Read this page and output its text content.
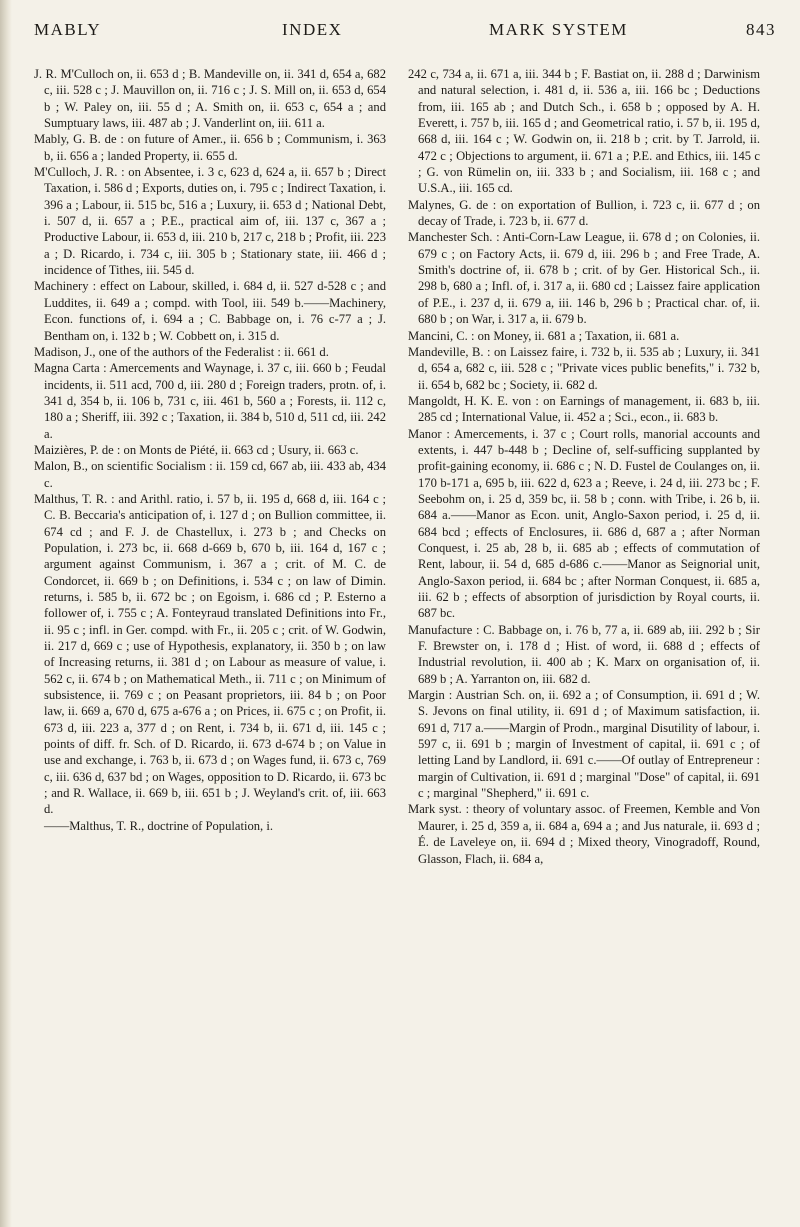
MABLY	INDEX	MARK SYSTEM	843
J. R. M'Culloch on, ii. 653 d ; B. Mandeville on, ii. 341 d, 654 a, 682 c, iii. 528 c ; J. Mauvillon on, ii. 716 c ; J. S. Mill on, ii. 653 d, 654 b ; W. Paley on, iii. 55 d ; A. Smith on, ii. 653 c, 654 a ; and Sumptuary laws, iii. 487 ab ; J. Vanderlint on, iii. 611 a.
Mably, G. B. de : on future of Amer., ii. 656 b ; Communism, i. 363 b, ii. 656 a ; landed Property, ii. 655 d.
M'Culloch, J. R. : on Absentee, i. 3 c, 623 d, 624 a, ii. 657 b ; Direct Taxation, i. 586 d ; Exports, duties on, i. 795 c ; Indirect Taxation, i. 396 a ; Labour, ii. 515 bc, 516 a ; Luxury, ii. 653 d ; National Debt, i. 507 d, ii. 657 a ; P.E., practical aim of, iii. 137 c, 367 a ; Productive Labour, ii. 653 d, iii. 210 b, 217 c, 218 b ; Profit, iii. 223 a ; D. Ricardo, i. 734 c, iii. 305 b ; Stationary state, iii. 466 d ; incidence of Tithes, iii. 545 d.
Machinery : effect on Labour, skilled, i. 684 d, ii. 527 d-528 c ; and Luddites, ii. 649 a ; compd. with Tool, iii. 549 b.——Machinery, Econ. functions of, i. 694 a ; C. Babbage on, i. 76 c-77 a ; J. Bentham on, i. 132 b ; W. Cobbett on, i. 315 d.
Madison, J., one of the authors of the Federalist : ii. 661 d.
Magna Carta : Amercements and Waynage, i. 37 c, iii. 660 b ; Feudal incidents, ii. 511 acd, 700 d, iii. 280 d ; Foreign traders, protn. of, i. 341 d, 354 b, ii. 106 b, 731 c, iii. 461 b, 560 a ; Forests, ii. 112 c, 180 a ; Sheriff, iii. 392 c ; Taxation, ii. 384 b, 510 d, 511 cd, iii. 242 a.
Maizières, P. de : on Monts de Piété, ii. 663 cd ; Usury, ii. 663 c.
Malon, B., on scientific Socialism : ii. 159 cd, 667 ab, iii. 433 ab, 434 c.
Malthus, T. R. : and Arithl. ratio, i. 57 b, ii. 195 d, 668 d, iii. 164 c ; C. B. Beccaria's anticipation of, i. 127 d ; on Bullion committee, ii. 674 cd ; and F. J. de Chastellux, i. 273 b ; and Checks on Population, i. 273 bc, ii. 668 d-669 b, 670 b, iii. 164 d, 167 c ; argument against Communism, i. 367 a ; crit. of M. C. de Condorcet, ii. 669 b ; on Definitions, i. 534 c ; on law of Dimin. returns, i. 585 b, ii. 672 bc ; on Egoism, i. 686 cd ; P. Esterno a follower of, i. 755 c ; A. Fonteyraud translated Definitions into Fr., ii. 95 c ; infl. in Ger. compd. with Fr., ii. 205 c ; crit. of W. Godwin, ii. 217 d, 669 c ; use of Hypothesis, explanatory, ii. 350 b ; on law of Increasing returns, ii. 381 d ; on Labour as measure of value, i. 562 c, ii. 674 b ; on Mathematical Meth., ii. 711 c ; on Minimum of subsistence, ii. 769 c ; on Peasant proprietors, iii. 84 b ; on Poor law, ii. 669 a, 670 d, 675 a-676 a ; on Prices, ii. 675 c ; on Profit, ii. 673 d, iii. 223 a, 377 d ; on Rent, i. 734 b, ii. 671 d, iii. 145 c ; points of diff. fr. Sch. of D. Ricardo, ii. 673 d-674 b ; on Value in use and exchange, i. 763 b, ii. 673 d ; on Wages fund, ii. 673 c, 769 c, iii. 636 d, 637 bd ; on Wages, opposition to D. Ricardo, ii. 673 bc ; and R. Wallace, ii. 669 b, iii. 651 b ; J. Weyland's crit. of, iii. 663 d.
——Malthus, T. R., doctrine of Population, i.
242 c, 734 a, ii. 671 a, iii. 344 b ; F. Bastiat on, ii. 288 d ; Darwinism and natural selection, i. 481 d, ii. 536 a, iii. 166 bc ; Deductions from, iii. 165 ab ; and Dutch Sch., i. 658 b ; opposed by A. H. Everett, i. 757 b, iii. 165 d ; and Geometrical ratio, i. 57 b, ii. 195 d, 668 d, iii. 164 c ; W. Godwin on, ii. 218 b ; crit. by T. Jarrold, ii. 472 c ; Objections to argument, ii. 671 a ; P.E. and Ethics, iii. 145 c ; G. von Rümelin on, iii. 333 b ; and Socialism, iii. 168 c ; and U.S.A., iii. 165 cd.
Malynes, G. de : on exportation of Bullion, i. 723 c, ii. 677 d ; on decay of Trade, i. 723 b, ii. 677 d.
Manchester Sch. : Anti-Corn-Law League, ii. 678 d ; on Colonies, ii. 679 c ; on Factory Acts, ii. 679 d, iii. 296 b ; and Free Trade, A. Smith's doctrine of, ii. 678 b ; crit. of by Ger. Historical Sch., ii. 298 b, 680 a ; Infl. of, i. 317 a, ii. 680 cd ; Laissez faire application of P.E., i. 237 d, ii. 679 a, iii. 146 b, 296 b ; Practical char. of, ii. 680 b ; on War, i. 317 a, ii. 679 b.
Mancini, C. : on Money, ii. 681 a ; Taxation, ii. 681 a.
Mandeville, B. : on Laissez faire, i. 732 b, ii. 535 ab ; Luxury, ii. 341 d, 654 a, 682 c, iii. 528 c ; "Private vices public benefits," i. 732 b, ii. 654 b, 682 bc ; Society, ii. 682 d.
Mangoldt, H. K. E. von : on Earnings of management, ii. 683 b, iii. 285 cd ; International Value, ii. 452 a ; Sci., econ., ii. 683 b.
Manor : Amercements, i. 37 c ; Court rolls, manorial accounts and extents, i. 447 b-448 b ; Decline of, self-sufficing supplanted by profit-gaining economy, ii. 686 c ; N. D. Fustel de Coulanges on, ii. 170 b-171 a, 695 b, iii. 622 d, 623 a ; Reeve, i. 24 d, iii. 273 bc ; F. Seebohm on, i. 25 d, 359 bc, ii. 58 b ; conn. with Tribe, i. 26 b, ii. 684 a.——Manor as Econ. unit, Anglo-Saxon period, i. 25 d, ii. 684 bcd ; effects of Enclosures, ii. 686 d, 687 a ; after Norman Conquest, i. 25 ab, 28 b, ii. 685 ab ; effects of commutation of Rent, labour, ii. 54 d, 685 d-686 c.——Manor as Seignorial unit, Anglo-Saxon period, ii. 684 bc ; after Norman Conquest, ii. 685 a, iii. 62 b ; effects of absorption of jurisdiction by Royal courts, ii. 687 bc.
Manufacture : C. Babbage on, i. 76 b, 77 a, ii. 689 ab, iii. 292 b ; Sir F. Brewster on, i. 178 d ; Hist. of word, ii. 688 d ; effects of Industrial revolution, ii. 400 ab ; K. Marx on organisation of, ii. 689 b ; A. Yarranton on, iii. 682 d.
Margin : Austrian Sch. on, ii. 692 a ; of Consumption, ii. 691 d ; W. S. Jevons on final utility, ii. 691 d ; of Maximum satisfaction, ii. 691 d, 717 a.——Margin of Prodn., marginal Disutility of labour, i. 597 c, ii. 691 b ; margin of Investment of capital, ii. 691 c ; of letting Land by Landlord, ii. 691 c.——Of outlay of Entrepreneur : margin of Cultivation, ii. 691 d ; marginal "Dose" of capital, ii. 691 c ; marginal "Shepherd," ii. 691 c.
Mark syst. : theory of voluntary assoc. of Freemen, Kemble and Von Maurer, i. 25 d, 359 a, ii. 684 a, 694 a ; and Jus naturale, ii. 693 d ; É. de Laveleye on, ii. 694 d ; Mixed theory, Vinogradoff, Round, Glasson, Flach, ii. 684 a,
